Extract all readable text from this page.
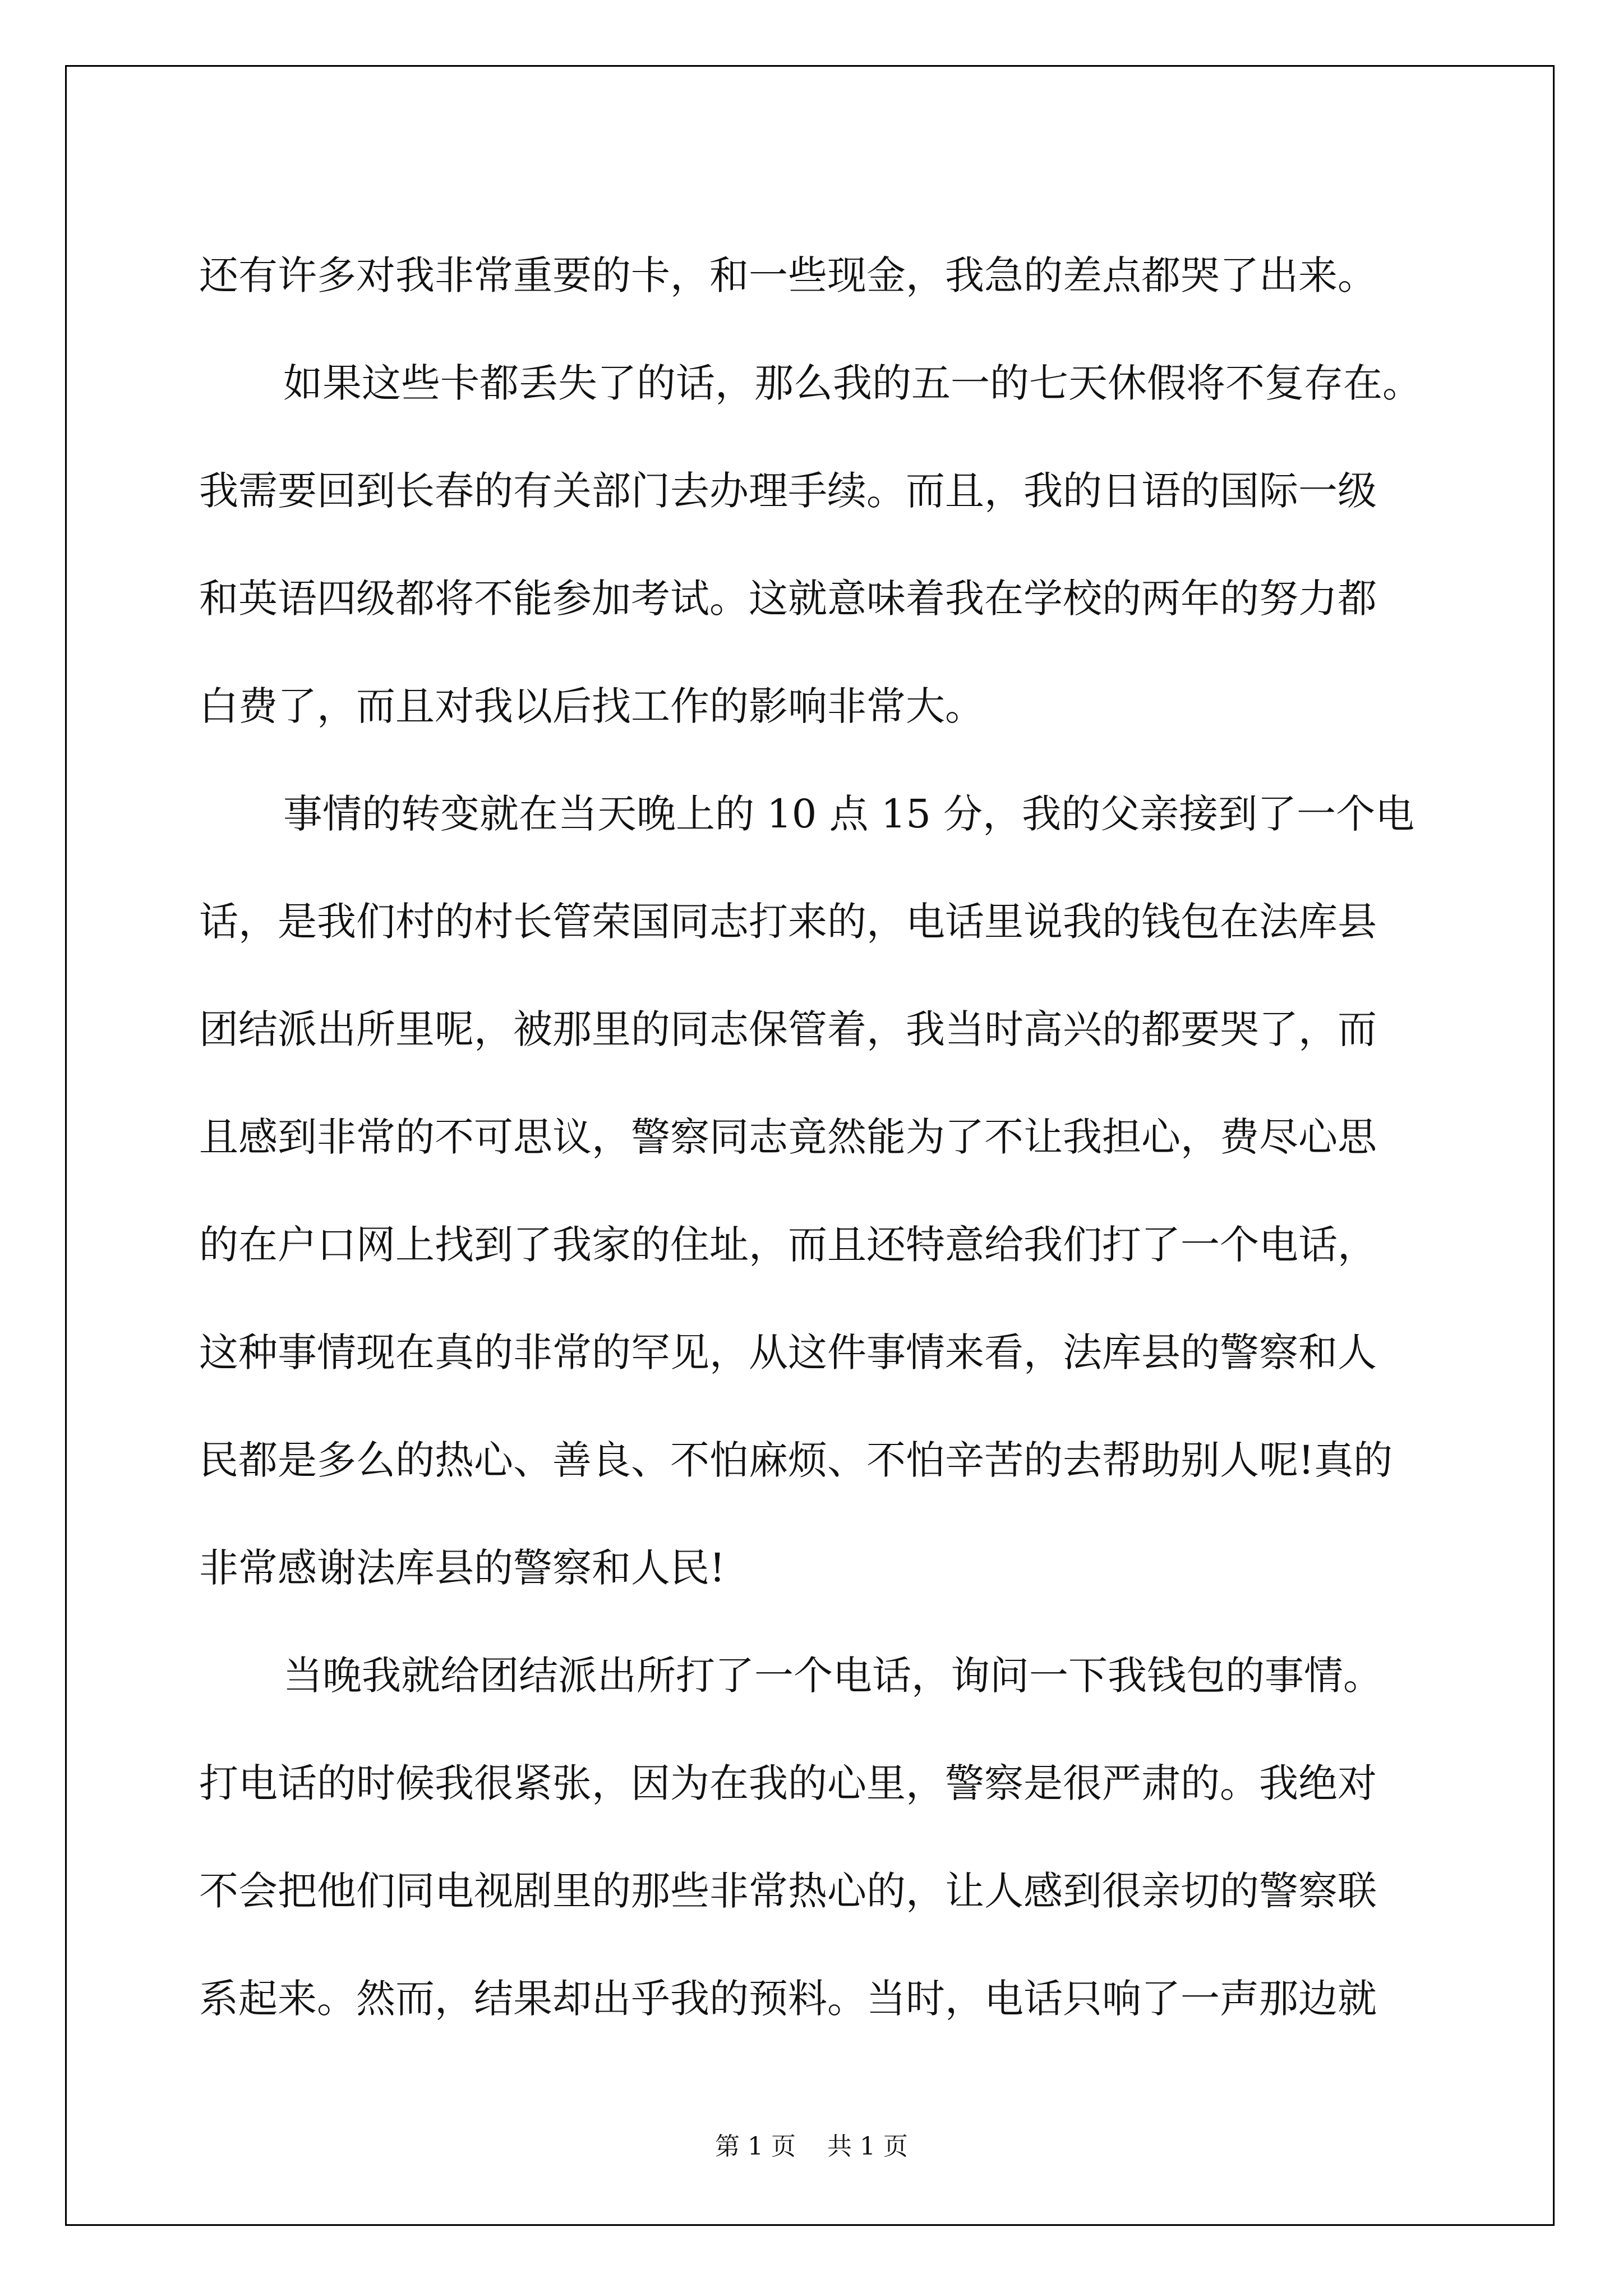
还有许多对我非常重要的卡，和一些现金，我急的差点都哭了出来。
如果这些卡都丢失了的话，那么我的五一的七天休假将不复存在。
我需要回到长春的有关部门去办理手续。而且，我的日语的国际一级
和英语四级都将不能参加考试。这就意味着我在学校的两年的努力都
白费了，而且对我以后找工作的影响非常大。
事情的转变就在当天晚上的 10 点 15 分，我的父亲接到了一个电
话，是我们村的村长管荣国同志打来的，电话里说我的钱包在法库县
团结派出所里呢，被那里的同志保管着，我当时高兴的都要哭了，而
且感到非常的不可思议，警察同志竟然能为了不让我担心，费尽心思
的在户口网上找到了我家的住址，而且还特意给我们打了一个电话，
这种事情现在真的非常的罕见，从这件事情来看，法库县的警察和人
民都是多么的热心、善良、不怕麻烦、不怕辛苦的去帮助别人呢!真的
非常感谢法库县的警察和人民!
当晚我就给团结派出所打了一个电话，询问一下我钱包的事情。
打电话的时候我很紧张，因为在我的心里，警察是很严肃的。我绝对
不会把他们同电视剧里的那些非常热心的，让人感到很亲切的警察联
系起来。然而，结果却出乎我的预料。当时，电话只响了一声那边就
第 1 页    共 1 页
